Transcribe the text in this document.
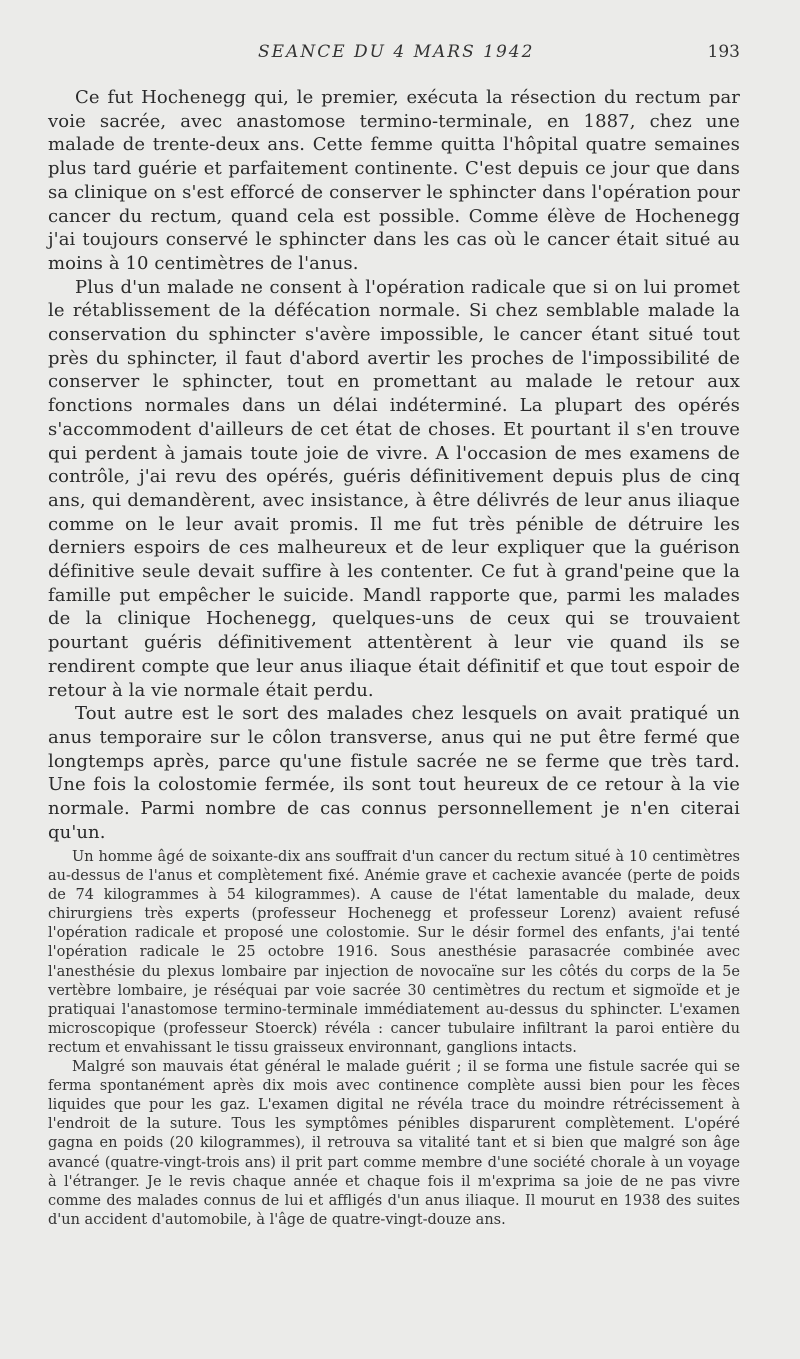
SEANCE DU 4 MARS 1942	193

Ce fut Hochenegg qui, le premier, exécuta la résection du rectum par voie sacrée, avec anastomose termino-terminale, en 1887, chez une malade de trente-deux ans. Cette femme quitta l'hôpital quatre semaines plus tard guérie et parfaitement continente. C'est depuis ce jour que dans sa clinique on s'est efforcé de conserver le sphincter dans l'opération pour cancer du rectum, quand cela est possible. Comme élève de Hochenegg j'ai toujours conservé le sphincter dans les cas où le cancer était situé au moins à 10 centimètres de l'anus.

Plus d'un malade ne consent à l'opération radicale que si on lui promet le rétablissement de la défécation normale. Si chez semblable malade la conservation du sphincter s'avère impossible, le cancer étant situé tout près du sphincter, il faut d'abord avertir les proches de l'impossibilité de conserver le sphincter, tout en promettant au malade le retour aux fonctions normales dans un délai indéterminé. La plupart des opérés s'accommodent d'ailleurs de cet état de choses. Et pourtant il s'en trouve qui perdent à jamais toute joie de vivre. A l'occasion de mes examens de contrôle, j'ai revu des opérés, guéris définitivement depuis plus de cinq ans, qui demandèrent, avec insistance, à être délivrés de leur anus iliaque comme on le leur avait promis. Il me fut très pénible de détruire les derniers espoirs de ces malheureux et de leur expliquer que la guérison définitive seule devait suffire à les contenter. Ce fut à grand'peine que la famille put empêcher le suicide. Mandl rapporte que, parmi les malades de la clinique Hochenegg, quelques-uns de ceux qui se trouvaient pourtant guéris définitivement attentèrent à leur vie quand ils se rendirent compte que leur anus iliaque était définitif et que tout espoir de retour à la vie normale était perdu.

Tout autre est le sort des malades chez lesquels on avait pratiqué un anus temporaire sur le côlon transverse, anus qui ne put être fermé que longtemps après, parce qu'une fistule sacrée ne se ferme que très tard. Une fois la colostomie fermée, ils sont tout heureux de ce retour à la vie normale. Parmi nombre de cas connus personnellement je n'en citerai qu'un.

Un homme âgé de soixante-dix ans souffrait d'un cancer du rectum situé à 10 centimètres au-dessus de l'anus et complètement fixé. Anémie grave et cachexie avancée (perte de poids de 74 kilogrammes à 54 kilogrammes). A cause de l'état lamentable du malade, deux chirurgiens très experts (professeur Hochenegg et professeur Lorenz) avaient refusé l'opération radicale et proposé une colostomie. Sur le désir formel des enfants, j'ai tenté l'opération radicale le 25 octobre 1916. Sous anesthésie parasacrée combinée avec l'anesthésie du plexus lombaire par injection de novocaïne sur les côtés du corps de la 5e vertèbre lombaire, je réséquai par voie sacrée 30 centimètres du rectum et sigmoïde et je pratiquai l'anastomose termino-terminale immédiatement au-dessus du sphincter. L'examen microscopique (professeur Stoerck) révéla : cancer tubulaire infiltrant la paroi entière du rectum et envahissant le tissu graisseux environnant, ganglions intacts.

Malgré son mauvais état général le malade guérit ; il se forma une fistule sacrée qui se ferma spontanément après dix mois avec continence complète aussi bien pour les fèces liquides que pour les gaz. L'examen digital ne révéla trace du moindre rétrécissement à l'endroit de la suture. Tous les symptômes pénibles disparurent complètement. L'opéré gagna en poids (20 kilogrammes), il retrouva sa vitalité tant et si bien que malgré son âge avancé (quatre-vingt-trois ans) il prit part comme membre d'une société chorale à un voyage à l'étranger. Je le revis chaque année et chaque fois il m'exprima sa joie de ne pas vivre comme des malades connus de lui et affligés d'un anus iliaque. Il mourut en 1938 des suites d'un accident d'automobile, à l'âge de quatre-vingt-douze ans.
